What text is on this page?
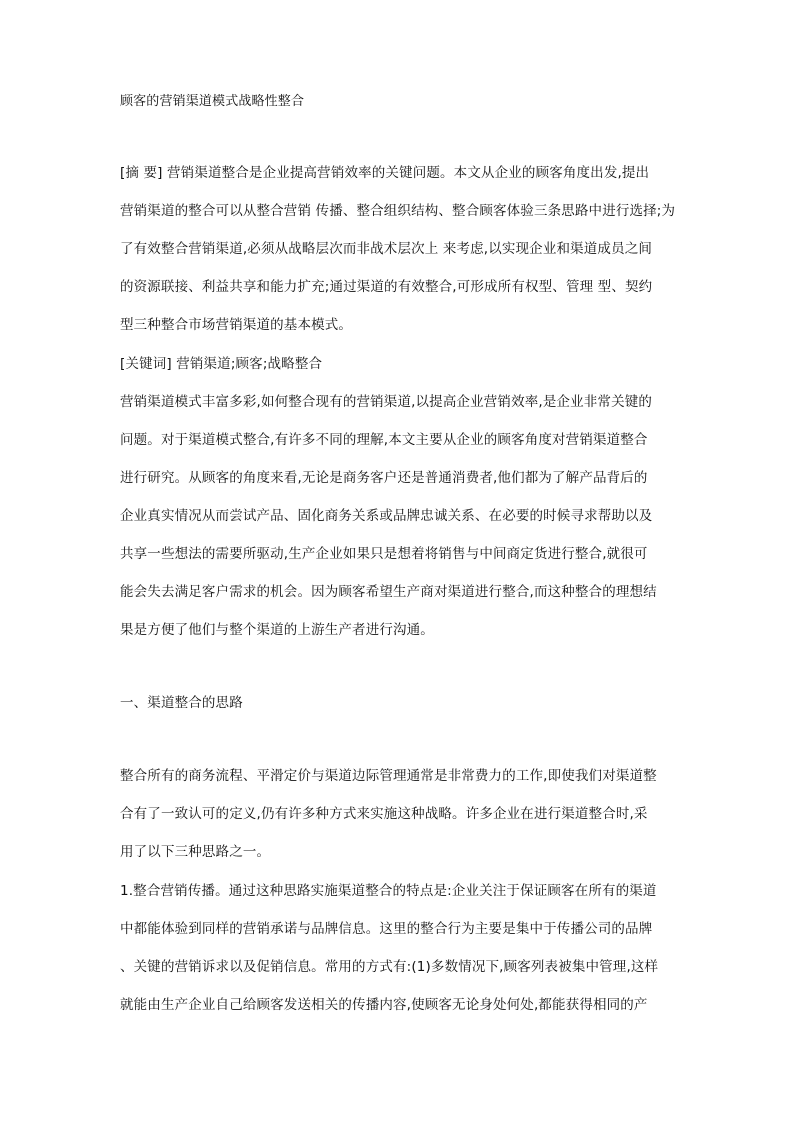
顾客的营销渠道模式战略性整合
[摘 要] 营销渠道整合是企业提高营销效率的关键问题。本文从企业的顾客角度出发,提出
营销渠道的整合可以从整合营销 传播、整合组织结构、整合顾客体验三条思路中进行选择;为
了有效整合营销渠道,必须从战略层次而非战术层次上 来考虑,以实现企业和渠道成员之间
的资源联接、利益共享和能力扩充;通过渠道的有效整合,可形成所有权型、管理 型、契约
型三种整合市场营销渠道的基本模式。
[关键词] 营销渠道;顾客;战略整合
营销渠道模式丰富多彩,如何整合现有的营销渠道,以提高企业营销效率,是企业非常关键的
问题。对于渠道模式整合,有许多不同的理解,本文主要从企业的顾客角度对营销渠道整合
进行研究。从顾客的角度来看,无论是商务客户还是普通消费者,他们都为了解产品背后的
企业真实情况从而尝试产品、固化商务关系或品牌忠诚关系、在必要的时候寻求帮助以及
共享一些想法的需要所驱动,生产企业如果只是想着将销售与中间商定货进行整合,就很可
能会失去满足客户需求的机会。因为顾客希望生产商对渠道进行整合,而这种整合的理想结
果是方便了他们与整个渠道的上游生产者进行沟通。
一、渠道整合的思路
整合所有的商务流程、平滑定价与渠道边际管理通常是非常费力的工作,即使我们对渠道整
合有了一致认可的定义,仍有许多种方式来实施这种战略。许多企业在进行渠道整合时,采
用了以下三种思路之一。
1.整合营销传播。通过这种思路实施渠道整合的特点是:企业关注于保证顾客在所有的渠道
中都能体验到同样的营销承诺与品牌信息。这里的整合行为主要是集中于传播公司的品牌
、关键的营销诉求以及促销信息。常用的方式有:(1)多数情况下,顾客列表被集中管理,这样
就能由生产企业自己给顾客发送相关的传播内容,使顾客无论身处何处,都能获得相同的产
